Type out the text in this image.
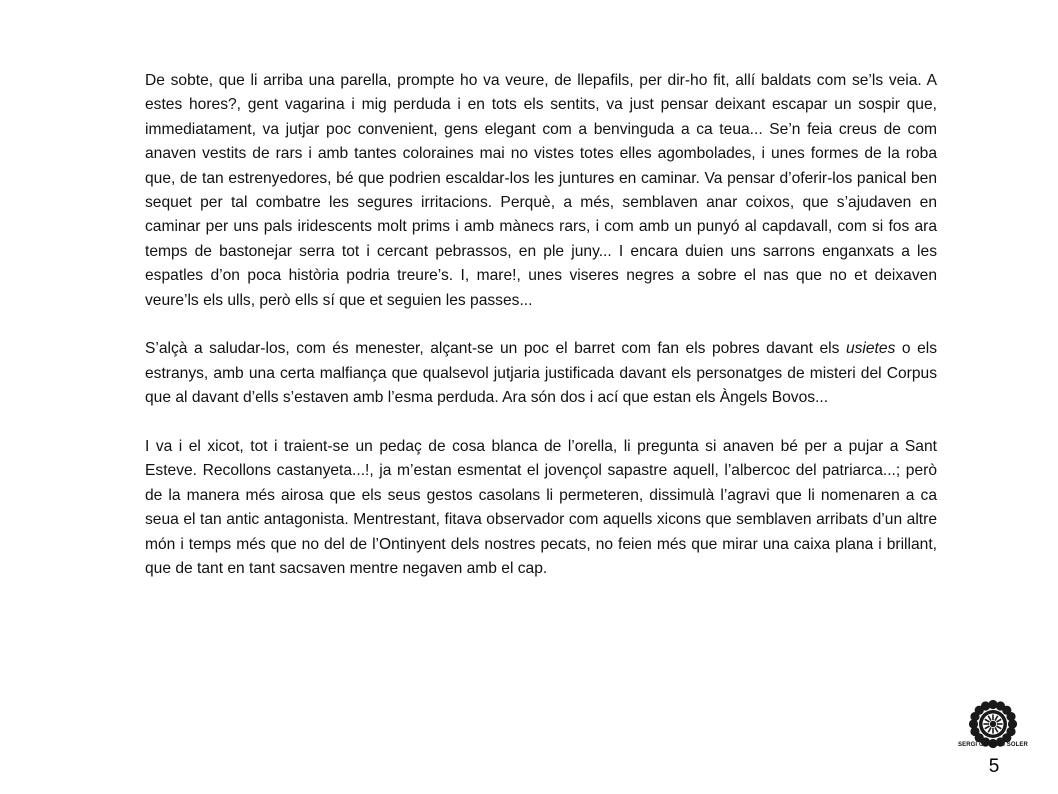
De sobte, que li arriba una parella, prompte ho va veure, de llepafils, per dir-ho fit, allí baldats com se’ls veia. A estes hores?, gent vagarina i mig perduda i en tots els sentits, va just pensar deixant escapar un sospir que, immediatament, va jutjar poc convenient, gens elegant com a benvinguda a ca teua... Se’n feia creus de com anaven vestits de rars i amb tantes coloraines mai no vistes totes elles agombolades, i unes formes de la roba que, de tan estrenyedores, bé que podrien escaldar-los les juntures en caminar. Va pensar d’oferir-los panical ben sequet per tal combatre les segures irritacions. Perquè, a més, semblaven anar coixos, que s’ajudaven en caminar per uns pals iridescents molt prims i amb mànecs rars, i com amb un punyó al capdavall, com si fos ara temps de bastonejar serra tot i cercant pebrassos, en ple juny... I encara duien uns sarrons enganxats a les espatles d’on poca història podria treure’s. I, mare!, unes viseres negres a sobre el nas que no et deixaven veure’ls els ulls, però ells sí que et seguien les passes...

S’alçà a saludar-los, com és menester, alçant-se un poc el barret com fan els pobres davant els usietes o els estranys, amb una certa malfiança que qualsevol jutjaria justificada davant els personatges de misteri del Corpus que al davant d’ells s’estaven amb l’esma perduda. Ara són dos i ací que estan els Àngels Bovos...

I va i el xicot, tot i traient-se un pedaç de cosa blanca de l’orella, li pregunta si anaven bé per a pujar a Sant Esteve. Recollons castanyeta...!, ja m’estan esmentat el jovençol sapastre aquell, l’albercoc del patriarca...; però de la manera més airosa que els seus gestos casolans li permeteren, dissimulà l’agravi que li nomenaren a ca seua el tan antic antagonista. Mentrestant, fitava observador com aquells xicons que semblaven arribats d’un altre món i temps més que no del de l’Ontinyent dels nostres pecats, no feien més que mirar una caixa plana i brillant, que de tant en tant sacsaven mentre negaven amb el cap.

SERGI GÓMEZ I SOLER
5
